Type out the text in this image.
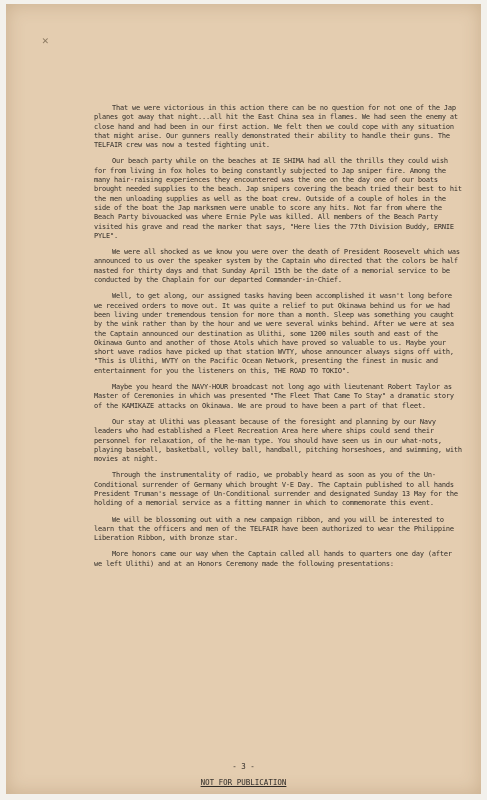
✕

That we were victorious in this action there can be no question for not one of the Jap planes got away that night...all hit the East China sea in flames. We had seen the enemy at close hand and had been in our first action. We felt then we could cope with any situation that might arise. Our gunners really demonstrated their ability to handle their guns. The TELFAIR crew was now a tested fighting unit.

Our beach party while on the beaches at IE SHIMA had all the thrills they could wish for from living in fox holes to being constantly subjected to Jap sniper fire. Among the many hair-raising experiences they encountered was the one on the day one of our boats brought needed supplies to the beach. Jap snipers covering the beach tried their best to hit the men unloading supplies as well as the boat crew. Outside of a couple of holes in the side of the boat the Jap marksmen were unable to score any hits. Not far from where the Beach Party bivouacked was where Ernie Pyle was killed. All members of the Beach Party visited his grave and read the marker that says, "Here lies the 77th Division Buddy, ERNIE PYLE".

We were all shocked as we know you were over the death of President Roosevelt which was announced to us over the speaker system by the Captain who directed that the colors be half masted for thirty days and that Sunday April 15th be the date of a memorial service to be conducted by the Chaplain for our departed Commander-in-Chief.

Well, to get along, our assigned tasks having been accomplished it wasn't long before we received orders to move out. It was quite a relief to put Okinawa behind us for we had been living under tremendous tension for more than a month. Sleep was something you caught by the wink rather than by the hour and we were several winks behind. After we were at sea the Captain announced our destination as Ulithi, some 1200 miles south and east of the Okinawa Gunto and another of those Atols which have proved so valuable to us. Maybe your short wave radios have picked up that station WVTY, whose announcer always signs off with, "This is Ulithi, WVTY on the Pacific Ocean Network, presenting the finest in music and entertainment for you the listeners on this, THE ROAD TO TOKIO".

Maybe you heard the NAVY-HOUR broadcast not long ago with lieutenant Robert Taylor as Master of Ceremonies in which was presented "The Fleet That Came To Stay" a dramatic story of the KAMIKAZE attacks on Okinawa. We are proud to have been a part of that fleet.

Our stay at Ulithi was pleasant because of the foresight and planning by our Navy leaders who had established a Fleet Recreation Area here where ships could send their personnel for relaxation, of the he-man type. You should have seen us in our what-nots, playing baseball, basketball, volley ball, handball, pitching horseshoes, and swimming, with movies at night.

Through the instrumentality of radio, we probably heard as soon as you of the Un-Conditional surrender of Germany which brought V-E Day. The Captain published to all hands President Truman's message of Un-Conditional surrender and designated Sunday 13 May for the holding of a memorial service as a fitting manner in which to commemorate this event.

We will be blossoming out with a new campaign ribbon, and you will be interested to learn that the officers and men of the TELFAIR have been authorized to wear the Philippine Liberation Ribbon, with bronze star.

More honors came our way when the Captain called all hands to quarters one day (after we left Ulithi) and at an Honors Ceremony made the following presentations:

- 3 -
NOT FOR PUBLICATION
